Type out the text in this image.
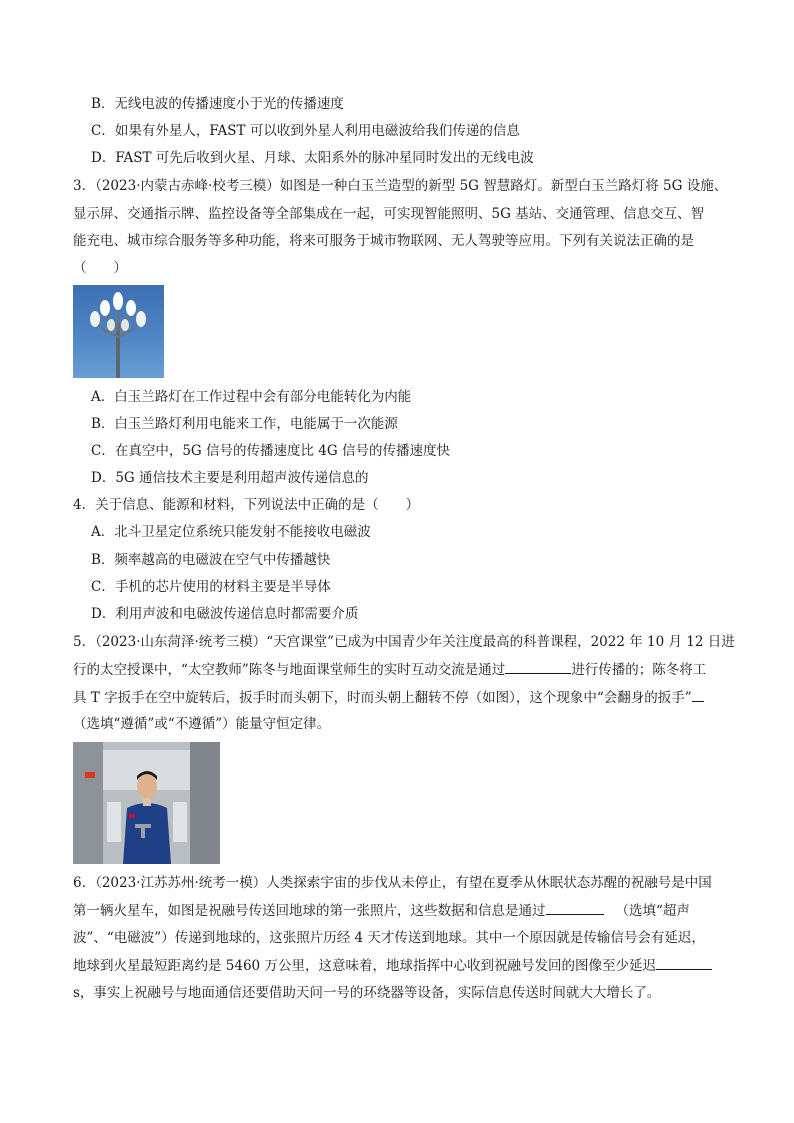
B．无线电波的传播速度小于光的传播速度
C．如果有外星人，FAST 可以收到外星人利用电磁波给我们传递的信息
D．FAST 可先后收到火星、月球、太阳系外的脉冲星同时发出的无线电波
3．（2023·内蒙古赤峰·校考三模）如图是一种白玉兰造型的新型 5G 智慧路灯。新型白玉兰路灯将 5G 设施、
显示屏、交通指示牌、监控设备等全部集成在一起，可实现智能照明、5G 基站、交通管理、信息交互、智
能充电、城市综合服务等多种功能，将来可服务于城市物联网、无人驾驶等应用。下列有关说法正确的是
（　　）
A．白玉兰路灯在工作过程中会有部分电能转化为内能
B．白玉兰路灯利用电能来工作，电能属于一次能源
C．在真空中，5G 信号的传播速度比 4G 信号的传播速度快
D．5G 通信技术主要是利用超声波传递信息的
4．关于信息、能源和材料，下列说法中正确的是（　　）
A．北斗卫星定位系统只能发射不能接收电磁波
B．频率越高的电磁波在空气中传播越快
C．手机的芯片使用的材料主要是半导体
D．利用声波和电磁波传递信息时都需要介质
5．（2023·山东菏泽·统考三模）“天宫课堂”已成为中国青少年关注度最高的科普课程，2022 年 10 月 12 日进
行的太空授课中，“太空教师”陈冬与地面课堂师生的实时互动交流是通过	进行传播的；陈冬将工
具 T 字扳手在空中旋转后，扳手时而头朝下，时而头朝上翻转不停（如图），这个现象中“会翻身的扳手”
（选填“遵循”或“不遵循”）能量守恒定律。
6．（2023·江苏苏州·统考一模）人类探索宇宙的步伐从未停止，有望在夏季从休眠状态苏醒的祝融号是中国
第一辆火星车，如图是祝融号传送回地球的第一张照片，这些数据和信息是通过	（选填“超声
波”、“电磁波”）传递到地球的，这张照片历经 4 天才传送到地球。其中一个原因就是传输信号会有延迟，
地球到火星最短距离约是 5460 万公里，这意味着，地球指挥中心收到祝融号发回的图像至少延迟
s，事实上祝融号与地面通信还要借助天问一号的环绕器等设备，实际信息传送时间就大大增长了。
